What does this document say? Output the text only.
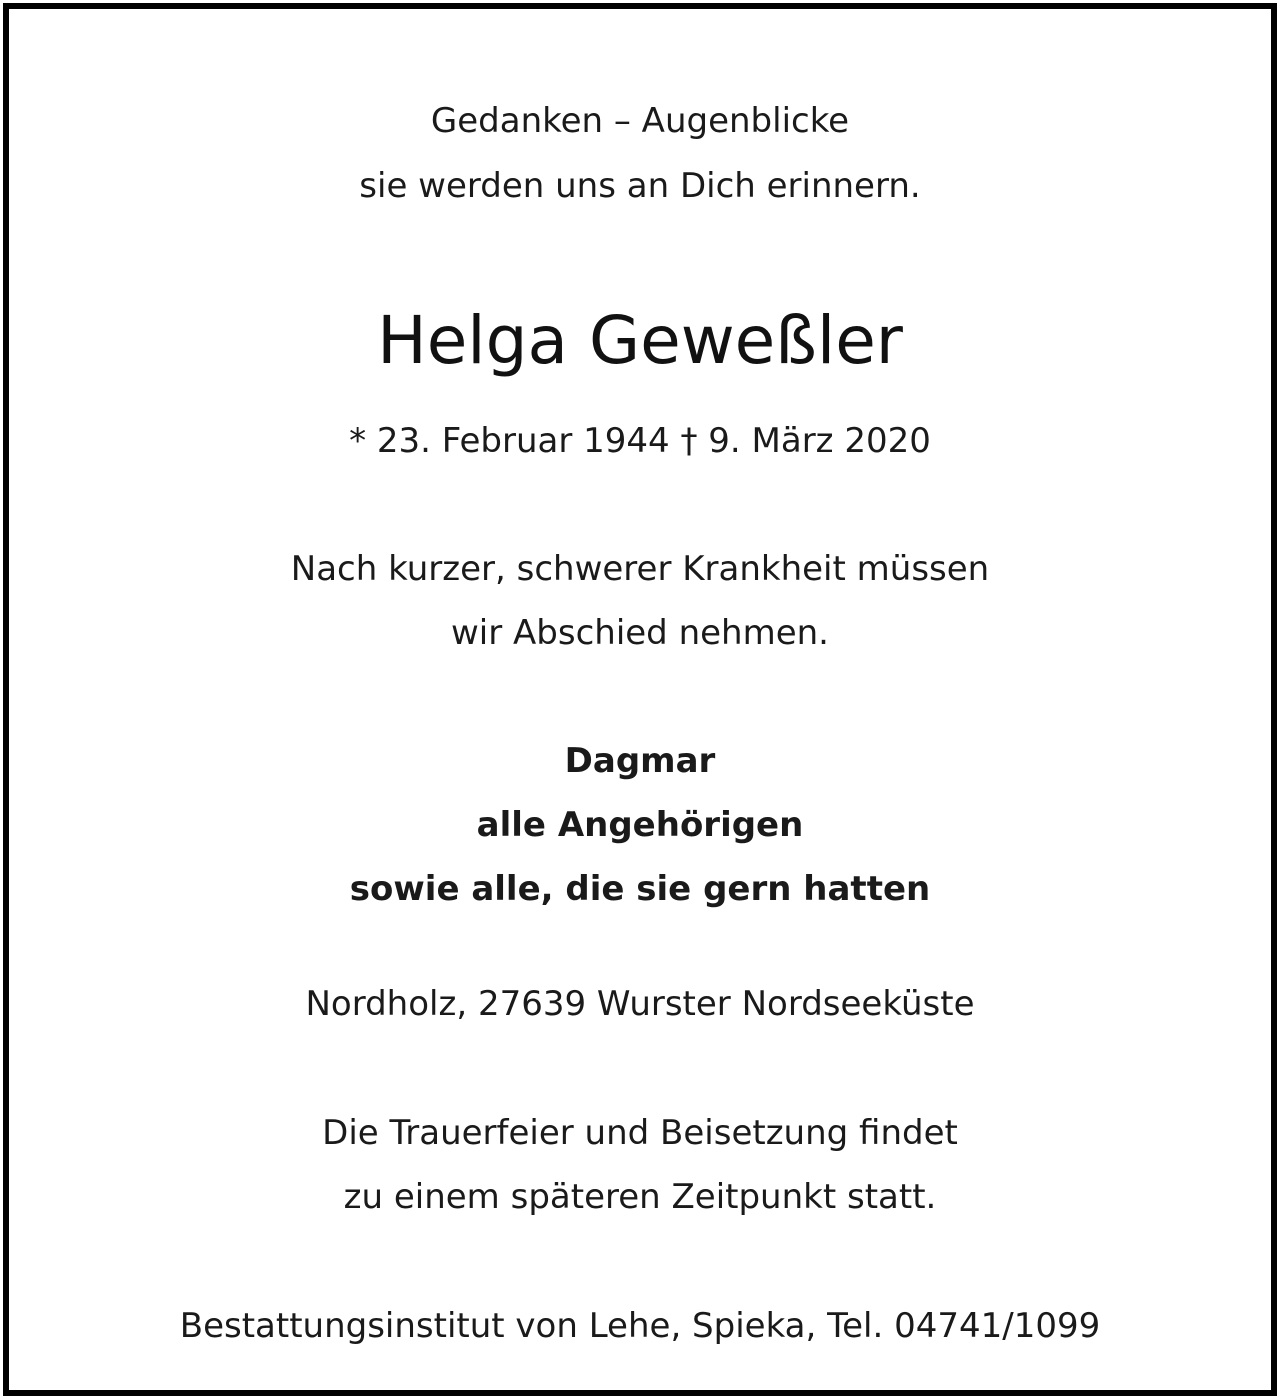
Gedanken – Augenblicke
sie werden uns an Dich erinnern.
Helga Geweßler
* 23. Februar 1944 † 9. März 2020
Nach kurzer, schwerer Krankheit müssen
wir Abschied nehmen.
Dagmar
alle Angehörigen
sowie alle, die sie gern hatten
Nordholz, 27639 Wurster Nordseeküste
Die Trauerfeier und Beisetzung findet
zu einem späteren Zeitpunkt statt.
Bestattungsinstitut von Lehe, Spieka, Tel. 04741/1099
